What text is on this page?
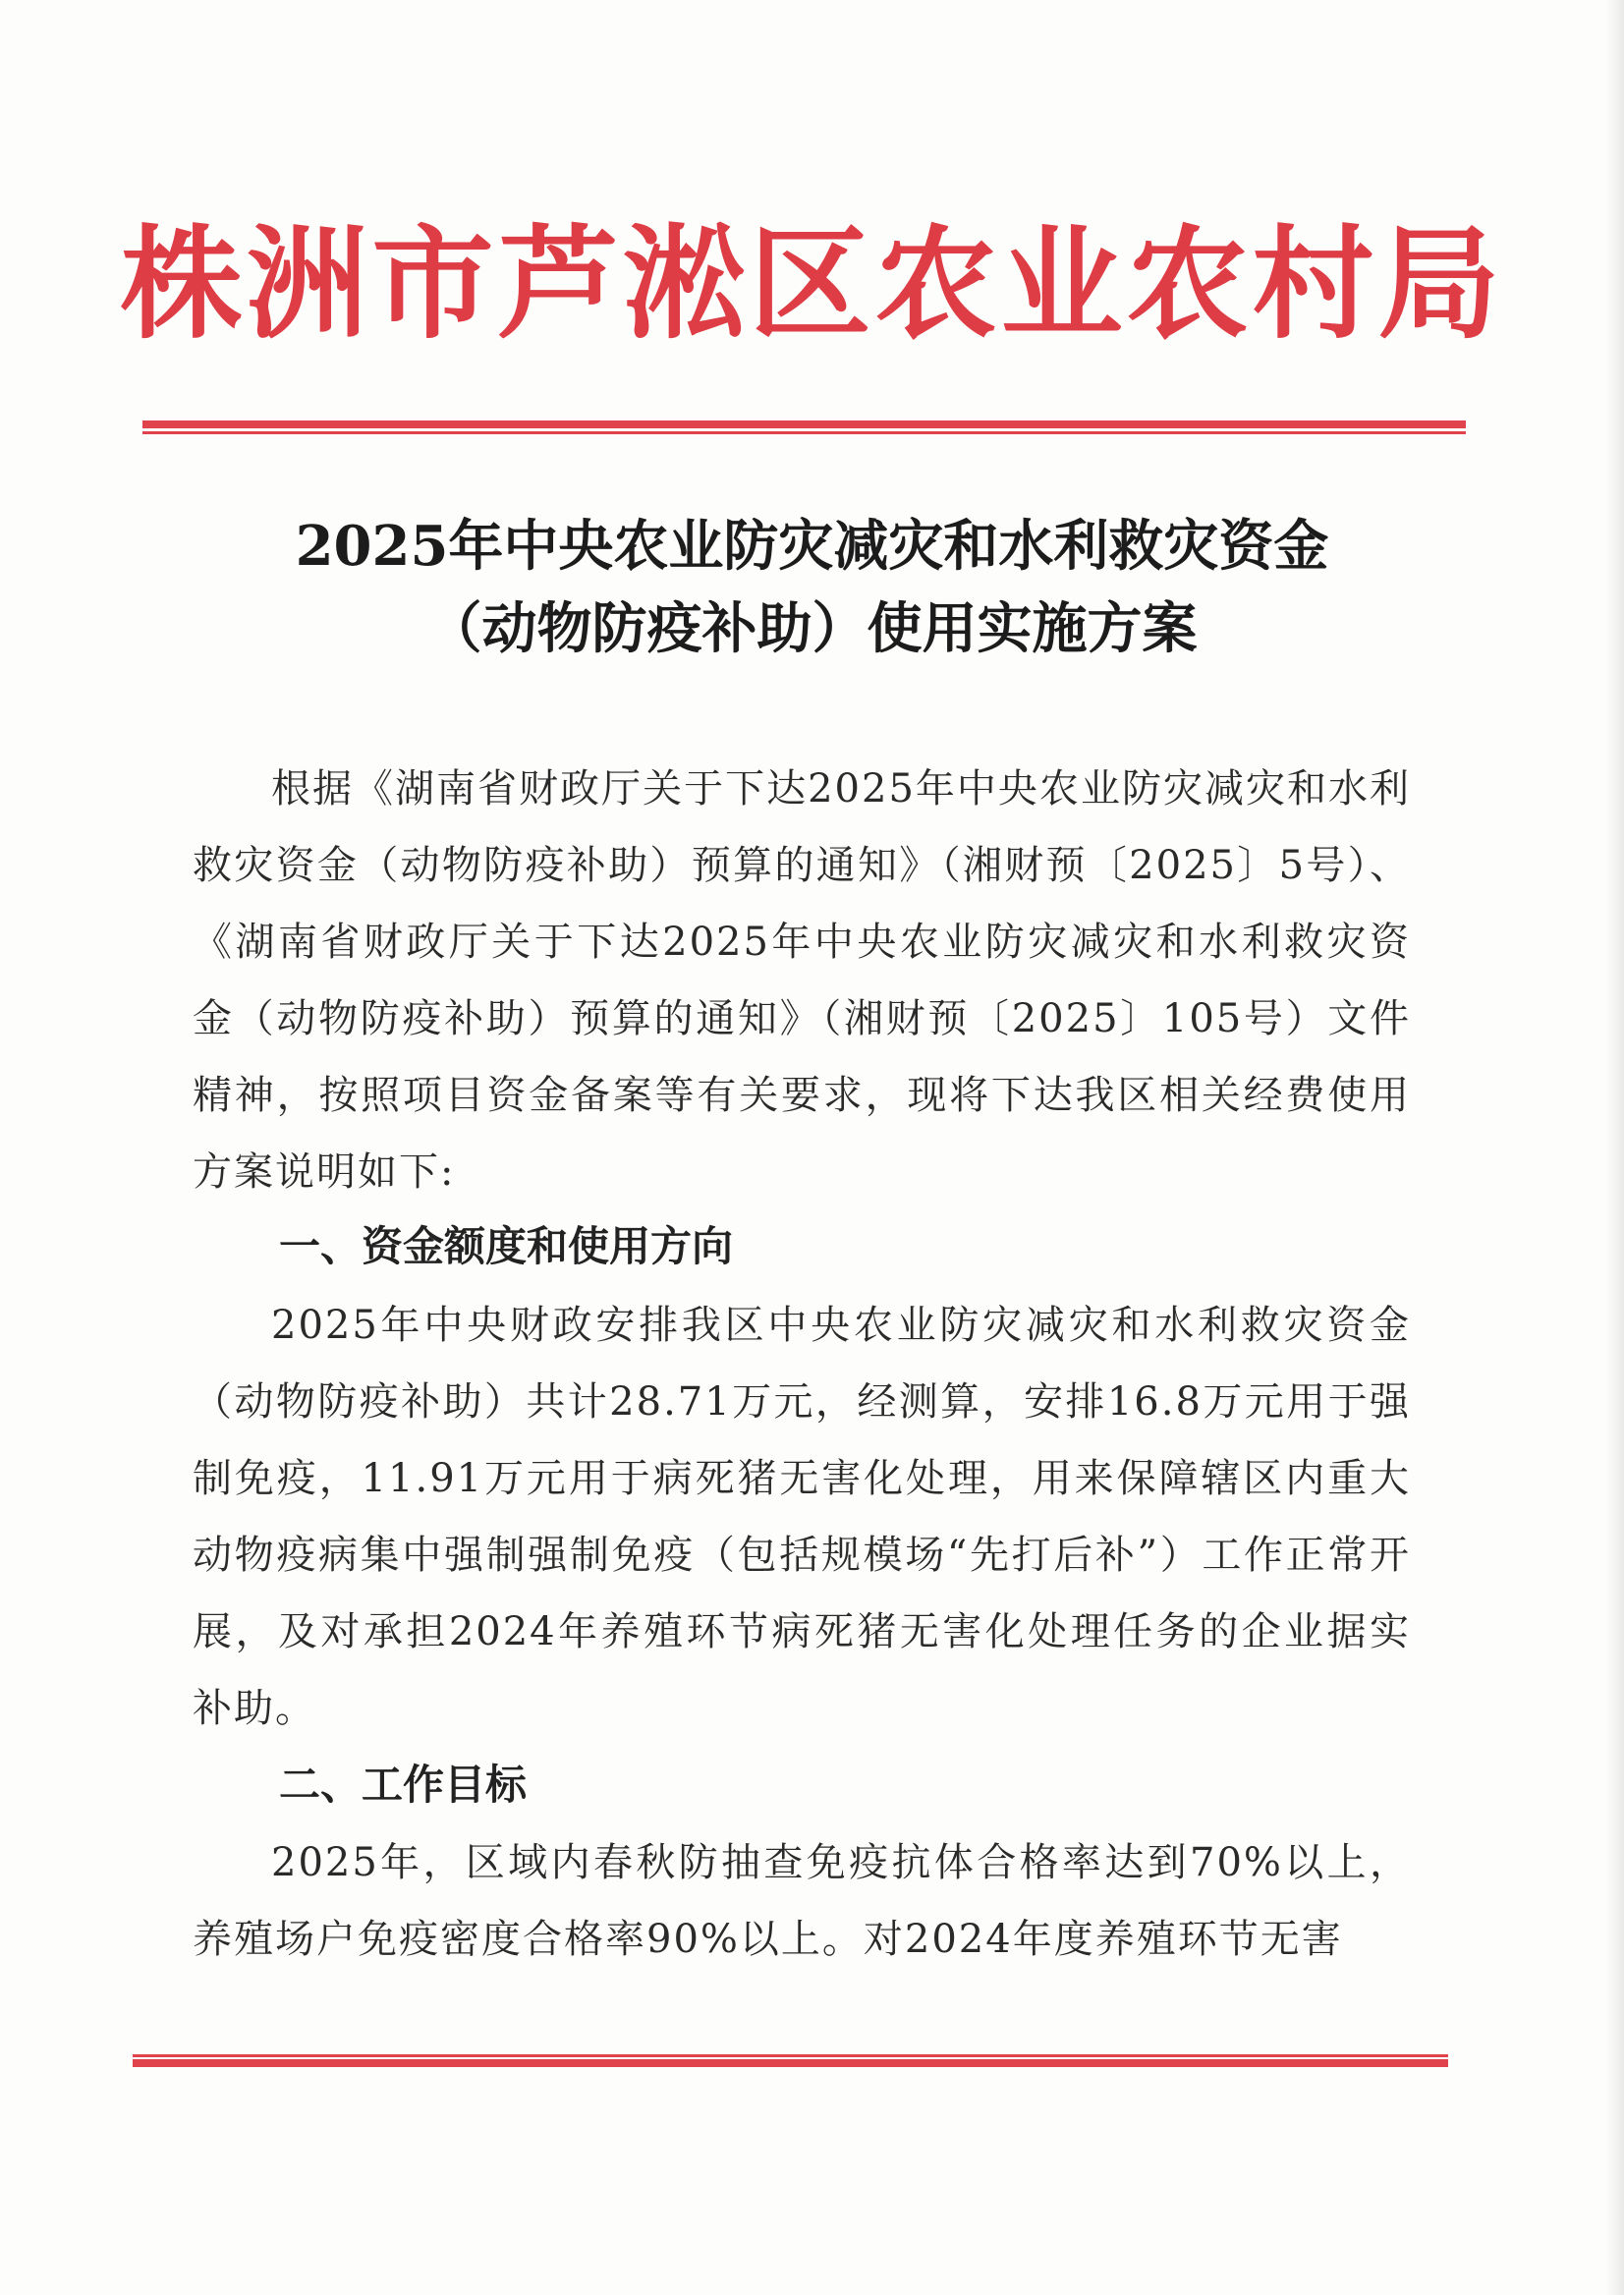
株洲市芦淞区农业农村局
2025年中央农业防灾减灾和水利救灾资金
（动物防疫补助）使用实施方案
根据《湖南省财政厅关于下达2025年中央农业防灾减灾和水利救灾资金（动物防疫补助）预算的通知》（湘财预〔2025〕5号）、《湖南省财政厅关于下达2025年中央农业防灾减灾和水利救灾资金（动物防疫补助）预算的通知》（湘财预〔2025〕105号）文件精神，按照项目资金备案等有关要求，现将下达我区相关经费使用方案说明如下:
一、资金额度和使用方向
2025年中央财政安排我区中央农业防灾减灾和水利救灾资金（动物防疫补助）共计28.71万元，经测算，安排16.8万元用于强制免疫，11.91万元用于病死猪无害化处理，用来保障辖区内重大动物疫病集中强制强制免疫（包括规模场“先打后补”）工作正常开展，及对承担2024年养殖环节病死猪无害化处理任务的企业据实补助。
二、工作目标
2025年，区域内春秋防抽查免疫抗体合格率达到70%以上，养殖场户免疫密度合格率90%以上。对2024年度养殖环节无害
